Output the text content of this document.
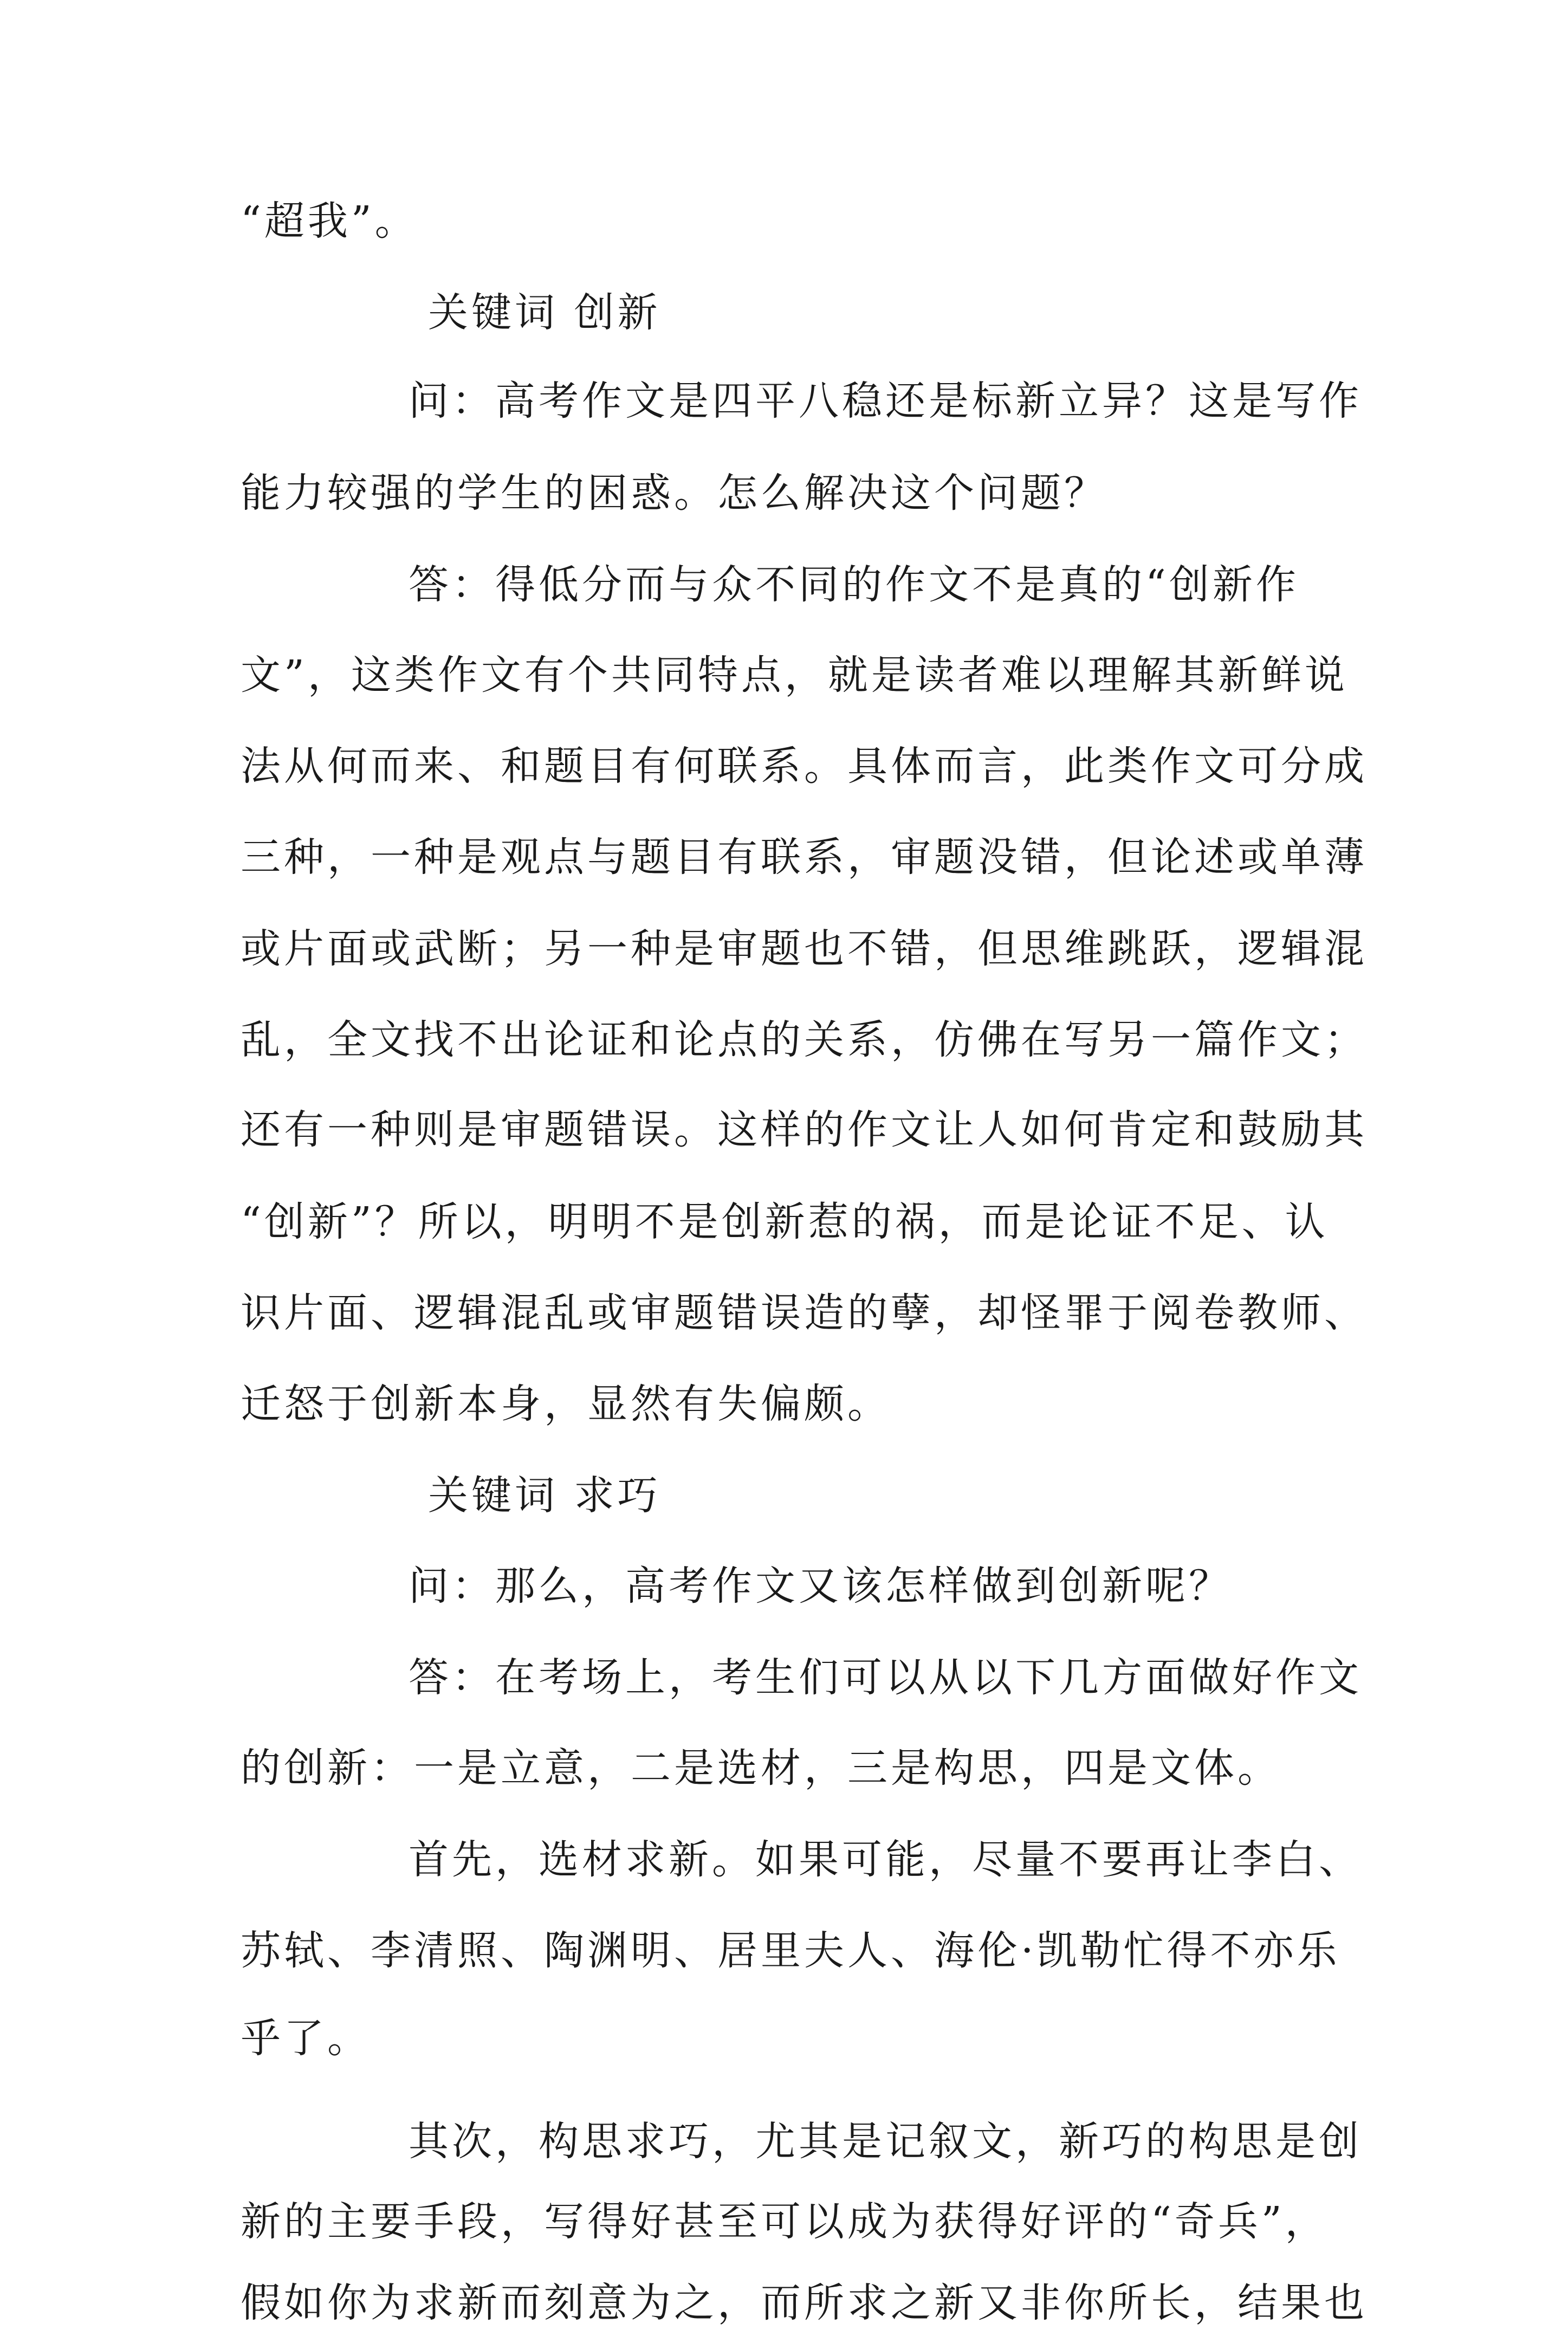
“超我”。
关键词 创新
问：高考作文是四平八稳还是标新立异？这是写作
能力较强的学生的困惑。怎么解决这个问题？
答：得低分而与众不同的作文不是真的“创新作
文”，这类作文有个共同特点，就是读者难以理解其新鲜说
法从何而来、和题目有何联系。具体而言，此类作文可分成
三种，一种是观点与题目有联系，审题没错，但论述或单薄
或片面或武断；另一种是审题也不错，但思维跳跃，逻辑混
乱，全文找不出论证和论点的关系，仿佛在写另一篇作文；
还有一种则是审题错误。这样的作文让人如何肯定和鼓励其
“创新”？所以，明明不是创新惹的祸，而是论证不足、认
识片面、逻辑混乱或审题错误造的孽，却怪罪于阅卷教师、
迁怒于创新本身，显然有失偏颇。
关键词 求巧
问：那么，高考作文又该怎样做到创新呢？
答：在考场上，考生们可以从以下几方面做好作文
的创新：一是立意，二是选材，三是构思，四是文体。
首先，选材求新。如果可能，尽量不要再让李白、
苏轼、李清照、陶渊明、居里夫人、海伦·凯勒忙得不亦乐
乎了。
其次，构思求巧，尤其是记叙文，新巧的构思是创
新的主要手段，写得好甚至可以成为获得好评的“奇兵”，
假如你为求新而刻意为之，而所求之新又非你所长，结果也
